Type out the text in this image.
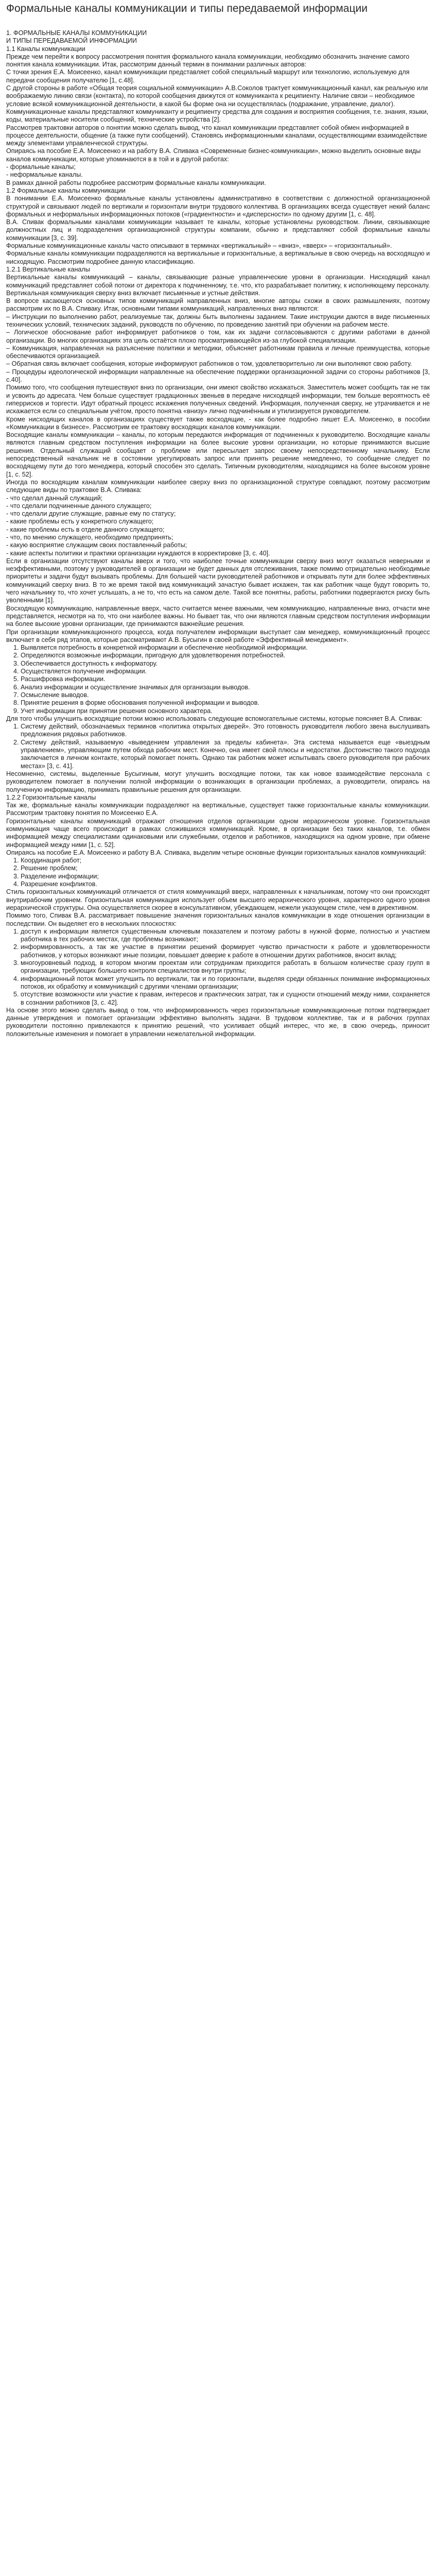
Формальные каналы коммуникации и типы передаваемой информации

1. ФОРМАЛЬНЫЕ КАНАЛЫ КОММУНИКАЦИИ

И ТИПЫ ПЕРЕДАВАЕМОЙ ИНФОРМАЦИИ

1.1 Каналы коммуникации

Прежде чем перейти к вопросу рассмотрения понятия формального канала коммуникации, необходимо обозначить значение самого понятия канала коммуникации. Итак, рассмотрим данный термин в понимании различных авторов:

С точки зрения Е.А. Моисеенко, канал коммуникации представляет собой специальный маршрут или технологию, используемую для передачи сообщения получателю [1, с.48].

С другой стороны в работе «Общая теория социальной коммуникации» А.В.Соколов трактует коммуникационный канал, как реальную или воображаемую линию связи (контакта), по которой сообщения движутся от коммуниканта к реципиенту. Наличие связи – необходимое условие всякой коммуникационной деятельности, в какой бы форме она ни осуществлялась (подражание, управление, диалог). Коммуникационные каналы представляют коммуниканту и реципиенту средства для создания и восприятия сообщения, т.е. знания, языки, коды, материальные носители сообщений, технические устройства [2].

Рассмотрев трактовки авторов о понятии можно сделать вывод, что канал коммуникации представляет собой обмен информацией в процессе деятельности, общение (а также пути сообщений). Становясь информационными каналами, осуществляющими взаимодействие между элементами управленческой структуры.

Опираясь на пособие Е.А. Моисеенко и на работу В.А. Спивака «Современные бизнес-коммуникации», можно выделить основные виды каналов коммуникации, которые упоминаются в в той и в другой работах:

- формальные каналы;

- неформальные каналы.

В рамках данной работы подробнее рассмотрим формальные каналы коммуникации.

1.2 Формальные каналы коммуникации

В понимании Е.А. Моисеенко формальные каналы установлены административно в соответствии с должностной организационной структурой и связывают людей по вертикали и горизонтали внутри трудового коллектива. В организациях всегда существует некий баланс формальных и неформальных информационных потоков («градиентности» и «дисперсности» по одному другим [1, с. 48].

В.А. Спивак формальными каналами коммуникации называет те каналы, которые установлены руководством. Линии, связывающие должностных лиц и подразделения организационной структуры компании, обычно и представляют собой формальные каналы коммуникации [3, с. 39].

Формальные коммуникационные каналы часто описывают в терминах «вертикальный» – «вниз», «вверх» – «горизонтальный».

Формальные каналы коммуникации подразделяются на вертикальные и горизонтальные, а вертикальные в свою очередь на восходящую и нисходящую. Рассмотрим подробнее данную классификацию.

1.2.1 Вертикальные каналы

Вертикальные каналы коммуникаций – каналы, связывающие разные управленческие уровни в организации. Нисходящий канал коммуникаций представляет собой потоки от директора к подчиненному, т.е. что, кто разрабатывает политику, к исполняющему персоналу. Вертикальная коммуникация сверху вниз включает письменные и устные действия.

В вопросе касающегося основных типов коммуникаций направленных вниз, многие авторы схожи в своих размышлениях, поэтому рассмотрим их по В.А. Спиваку. Итак, основными типами коммуникаций, направленных вниз являются:

– Инструкции по выполнению работ, реализуемые так, должны быть выполнены заданием. Такие инструкции даются в виде письменных технических условий, технических заданий, руководств по обучению, по проведению занятий при обучении на рабочем месте.

– Логическое обоснование работ информирует работников о том, как их задачи согласовываются с другими работами в данной организации. Во многих организациях эта цель остаётся плохо просматривающейся из-за глубокой специализации.

– Коммуникация, направленная на разъяснение политики и методики, объясняет работникам правила и личные преимущества, которые обеспечиваются организацией.

– Обратная связь включает сообщения, которые информируют работников о том, удовлетворительно ли они выполняют свою работу.

– Процедуры идеологической информации направленные на обеспечение поддержки организационной задачи со стороны работников [3, с.40].

Помимо того, что сообщения путешествуют вниз по организации, они имеют свойство искажаться. Заместитель может сообщить так не так и усвоить до адресата. Чем больше существует градационных звеньев в передаче нисходящей информации, тем больше вероятность её гиперрисков и торгести. Идут обратный процесс искажения полученных сведений. Информация, полученная сверху, не утрачивается и не искажается если со специальным учётом, просто понятна «внизу» лично подчинённым и утилизируется руководителем.

Кроме нисходящих каналов в организациях существует также восходящие, - как более подробно пишет Е.А. Моисеенко, в пособии «Коммуникации в бизнесе». Рассмотрим ее трактовку восходящих каналов коммуникации.

Восходящие каналы коммуникации – каналы, по которым передаются информация от подчиненных к руководителю. Восходящие каналы являются главным средством поступления информации на более высокие уровни организации, но которые принимаются высшие решения. Отдельный служащий сообщает о проблеме или пересылает запрос своему непосредственному начальнику. Если непосредственный начальник не в состоянии урегулировать запрос или принять решение немедленно, то сообщение следует по восходящему пути до того менеджера, который способен это сделать. Типичным руководителям, находящимся на более высоком уровне [1, с. 52].

Иногда по восходящим каналам коммуникации наиболее сверху вниз по организационной структуре совпадают, поэтому рассмотрим следующие виды по трактовке В.А. Спивака:

- что сделал данный служащий;

- что сделали подчиненные данного служащего;

- что сделали другие служащие, равные ему по статусу;

- какие проблемы есть у конкретного служащего;

- какие проблемы есть в отделе данного служащего;

- что, по мнению служащего, необходимо предпринять;

- какую восприятие служащим своих поставленный работы;

- какие аспекты политики и практики организации нуждаются в корректировке [3, с. 40].

Если в организации отсутствуют каналы вверх и того, что наиболее точные коммуникации сверху вниз могут оказаться неверными и неэффективными, поэтому у руководителей в организации не будет данных для отслеживания, также помимо отрицательно необходимые приоритеты и задачи будут вызывать проблемы. Для большей части руководителей работников и открывать пути для более эффективных коммуникаций сверху вниз. В то же время такой вид коммуникаций зачастую бывает искажен, так как работник чаще будут говорить то, чего начальнику то, что хочет услышать, а не то, что есть на самом деле. Такой все понятны, работы, работники подвергаются риску быть уволенными [1].

Восходящую коммуникацию, направленные вверх, часто считается менее важными, чем коммуникацию, направленные вниз, отчасти мне представляется, несмотря на то, что они наиболее важны. Но бывает так, что они являются главным средством поступления информации на более высокие уровни организации, где принимаются важнейшие решения.

При организации коммуникационного процесса, когда получателем информации выступает сам менеджер, коммуникационный процесс включает в себя ряд этапов, которые рассматривают А.В. Бусыгин в своей работе «Эффективный менеджмент».

1. Выявляется потребность в конкретной информации и обеспечение необходимой информации.
2. Определяются возможные информации, пригодную для удовлетворения потребностей.
3. Обеспечивается доступность к информатору.
4. Осуществляется получение информации.
5. Расшифровка информации.
6. Анализ информации и осуществление значимых для организации выводов.
7. Осмысление выводов.
8. Принятие решения в форме обоснования полученной информации и выводов.
9. Учет информации при принятии решения основного характера.

Для того чтобы улучшить восходящие потоки можно использовать следующие вспомогательные системы, которые поясняет В.А. Спивак:

1. Систему действий, обозначаемых терминов «политика открытых дверей». Это готовность руководителя любого звена выслушивать предложения рядовых работников.
2. Систему действий, называемую «выведением управления за пределы кабинета». Эта система называется еще «выездным управлением», управляющим путем обхода рабочих мест. Конечно, она имеет свой плюсы и недостатки. Достоинство такого подхода заключается в личном контакте, который помогает понять. Однако так работник может испытывать своего руководителя при рабочих местах» [3, с. 41].

Несомненно, системы, выделенные Бусыгиным, могут улучшить восходящие потоки, так как новое взаимодействие персонала с руководителем помогает в получении полной информации о возникающих в организации проблемах, а руководители, опираясь на полученную информацию, принимать правильные решения для организации.

1.2.2 Горизонтальные каналы

Так же, формальные каналы коммуникации подразделяют на вертикальные, существует также горизонтальные каналы коммуникации. Рассмотрим трактовку понятия по Моисеенко Е.А.

Горизонтальные каналы коммуникаций отражают отношения отделов организации одном иерархическом уровне. Горизонтальная коммуникация чаще всего происходит в рамках сложившихся коммуникаций. Кроме, в организации без таких каналов, т.е. обмен информацией между специалистами одинаковыми или служебными, отделов и работников, находящихся на одном уровне, при обмене информацией между ними [1, с. 52].

Опираясь на пособие Е.А. Моисеенко и работу В.А. Спивака, выделим четыре основные функции горизонтальных каналов коммуникаций:

1. Координация работ;
2. Решение проблем;
3. Разделение информации;
4. Разрешение конфликтов.

Стиль горизонтальных коммуникаций отличается от стиля коммуникаций вверх, направленных к начальникам, потому что они происходят внутрирабочим уровнем. Горизонтальная коммуникация использует объем высшего иерархического уровня, характерного одного уровня иерархической структуры. Она осуществляется скорее в консультативном, убеждающем, нежели указующем стиле, чем в директивном.

Помимо того, Спивак В.А. рассматривает повышение значения горизонтальных каналов коммуникации в ходе отношения организации в последствии. Он выделяет его в нескольких плоскостях:

1. доступ к информации является существенным ключевым показателем и поэтому работы в нужной форме, полностью и участием работника в тех рабочих местах, где проблемы возникают;
2. информированность, а так же участие в принятии решений формирует чувство причастности к работе и удовлетворенности работников, у которых возникают иные позиции, повышает доверие к работе в отношении других работников, вносит вклад;
3. многоуровневый подход, в котором многим проектам или сотрудникам приходится работать в большом количестве сразу групп в организации, требующих большего контроля специалистов внутри группы;
4. информационный поток может улучшить по вертикали, так и по горизонтали, выделяя среди обязанных понимание информационных потоков, их обработку и коммуникаций с другими членами организации;
5. отсутствие возможности или участие к правам, интересов и практических затрат, так и сущности отношений между ними, сохраняется в сознании работников [3, с. 42].

На основе этого можно сделать вывод о том, что информированность через горизонтальные коммуникационные потоки подтверждает данные утверждения и помогает организации эффективно выполнять задачи. В трудовом коллективе, так и в рабочих группах руководители постоянно привлекаются к принятию решений, что усиливает общий интерес, что же, в свою очередь, приносит положительные изменения и помогает в управлении нежелательной информации.
